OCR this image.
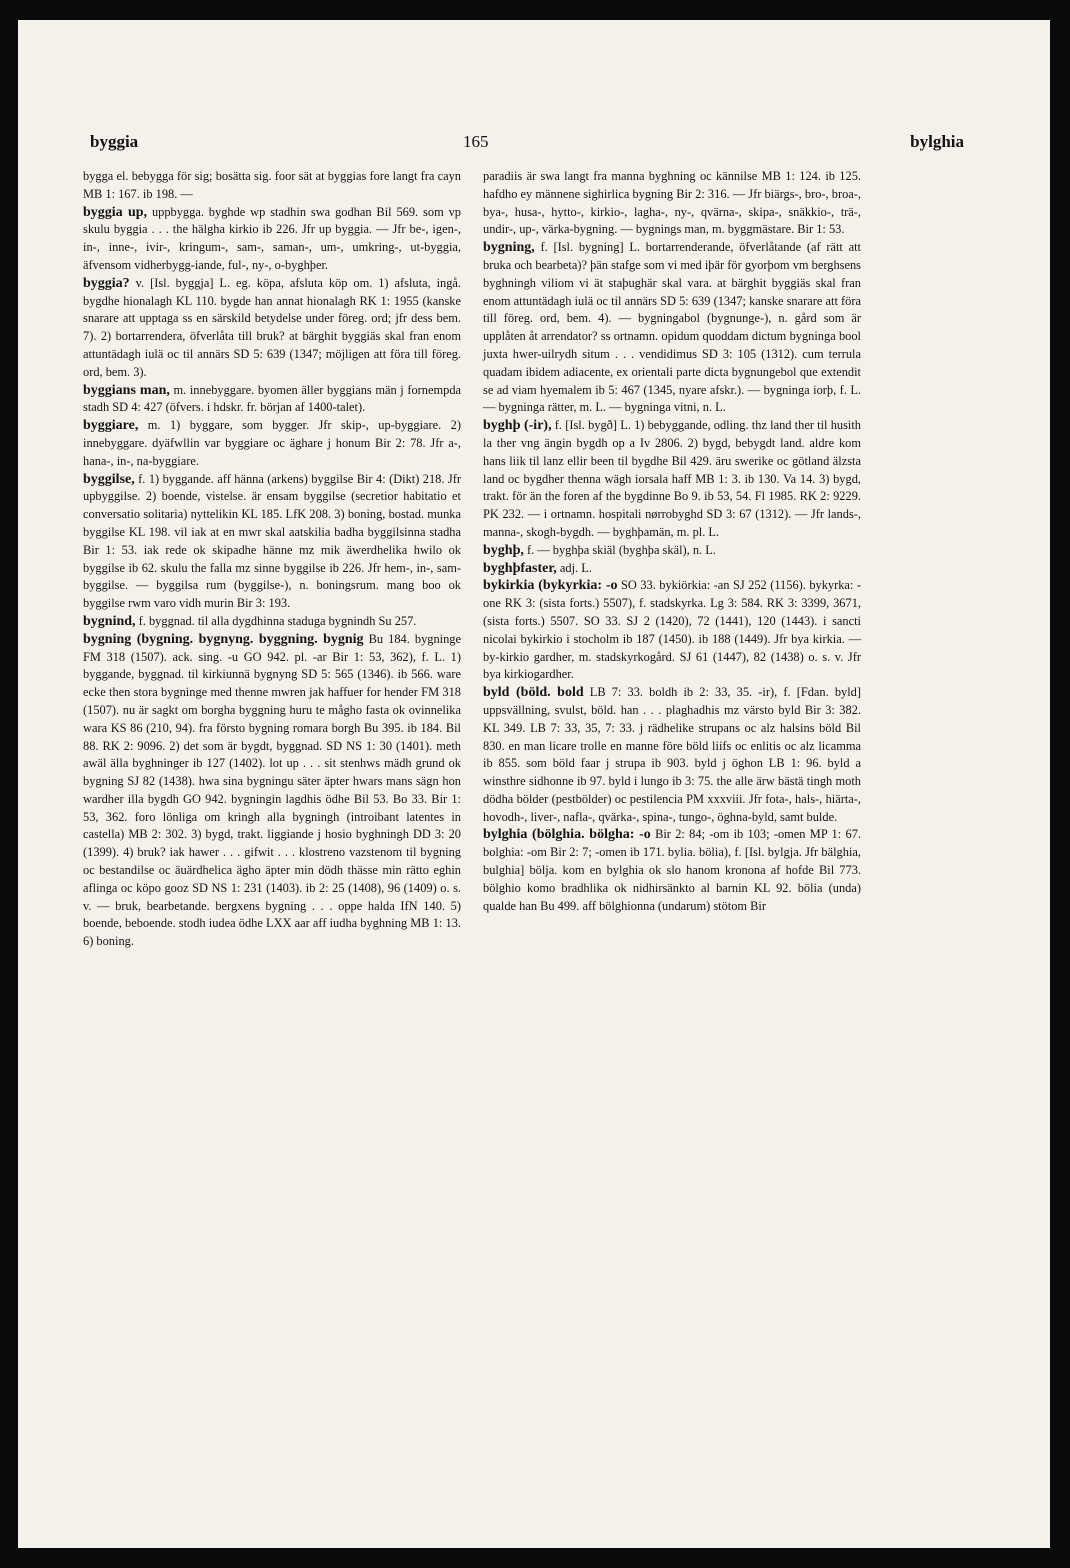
byggia	165	bylghia

bygga el. bebygga för sig; bosätta sig. foor sät at byggias fore langt fra cayn MB 1: 167. ib 198. —

byggia up, uppbygga. byghde wp stadhin swa godhan Bil 569. som vp skulu byggia . . . the hälgha kirkio ib 226. Jfr up byggia. — Jfr be-, igen-, in-, inne-, ivir-, kringum-, sam-, saman-, um-, umkring-, ut-byggia, äfvensom vidherbygg-iande, ful-, ny-, o-byghþer.

byggia? v. [Isl. byggja] L. eg. köpa, afsluta köp om. 1) afsluta, ingå. bygdhe hionalagh KL 110. bygde han annat hionalagh RK 1: 1955 (kanske snarare att upptaga ss en särskild betydelse under föreg. ord; jfr dess bem. 7). 2) bortarrendera, öfverlåta till bruk? at bärghit byggiäs skal fran enom attuntädagh iulä oc til annärs SD 5: 639 (1347; möjligen att föra till föreg. ord, bem. 3).

byggians man, m. innebyggare. byomen äller byggians män j fornempda stadh SD 4: 427 (öfvers. i hdskr. fr. början af 1400-talet).

byggiare, m. 1) byggare, som bygger. Jfr skip-, up-byggiare. 2) innebyggare. dyäfwllin var byggiare oc äghare j honum Bir 2: 78. Jfr a-, hana-, in-, na-byggiare.

byggilse, f. 1) byggande. aff hänna (arkens) byggilse Bir 4: (Dikt) 218. Jfr upbyggilse. 2) boende, vistelse. är ensam byggilse (secretior habitatio et conversatio solitaria) nyttelikin KL 185. LfK 208. 3) boning, bostad. munka byggilse KL 198. vil iak at en mwr skal aatskilia badha byggilsinna stadha Bir 1: 53. iak rede ok skipadhe hänne mz mik äwerdhelika hwilo ok byggilse ib 62. skulu the falla mz sinne byggilse ib 226. Jfr hem-, in-, sam-byggilse. — byggilsa rum (byggilse-), n. boningsrum. mang boo ok byggilse rwm varo vidh murin Bir 3: 193.

bygnind, f. byggnad. til alla dygdhinna staduga bygnindh Su 257.

bygning (bygning. bygnyng. byggning. bygnig Bu 184. bygninge FM 318 (1507). ack. sing. -u GO 942. pl. -ar Bir 1: 53, 362), f. L. 1) byggande, byggnad. til kirkiunnä bygnyng SD 5: 565 (1346). ib 566. ware ecke then stora bygninge med thenne mwren jak haffuer for hender FM 318 (1507). nu är sagkt om borgha byggning huru te mågho fasta ok ovinnelika wara KS 86 (210, 94). fra försto bygning romara borgh Bu 395. ib 184. Bil 88. RK 2: 9096. 2) det som är bygdt, byggnad. SD NS 1: 30 (1401). meth awäl älla byghninger ib 127 (1402). lot up . . . sit stenhws mädh grund ok bygning SJ 82 (1438). hwa sina bygningu säter äpter hwars mans sägn hon wardher illa bygdh GO 942. bygningin lagdhis ödhe Bil 53. Bo 33. Bir 1: 53, 362. foro lönliga om kringh alla bygningh (introibant latentes in castella) MB 2: 302. 3) bygd, trakt. liggiande j hosio byghningh DD 3: 20 (1399). 4) bruk? iak hawer . . . gifwit . . . klostreno vazstenom til bygning oc bestandilse oc äuärdhelica ägho äpter min dödh thässe min rätto eghin aflinga oc köpo gooz SD NS 1: 231 (1403). ib 2: 25 (1408), 96 (1409) o. s. v. — bruk, bearbetande. bergxens bygning . . . oppe halda IfN 140. 5) boende, beboende. stodh iudea ödhe LXX aar aff iudha byghning MB 1: 13. 6) boning.

paradiis är swa langt fra manna byghning oc kännilse MB 1: 124. ib 125. hafdho ey männene sighirlica bygning Bir 2: 316. — Jfr biärgs-, bro-, broa-, bya-, husa-, hytto-, kirkio-, lagha-, ny-, qvärna-, skipa-, snäkkio-, trä-, undir-, up-, värka-bygning. — bygnings man, m. byggmästare. Bir 1: 53.

bygning, f. [Isl. bygning] L. bortarrenderande, öfverlåtande (af rätt att bruka och bearbeta)? þän stafge som vi med iþär för gyorþom vm berghsens byghningh viliom vi ät staþughär skal vara. at bärghit byggiäs skal fran enom attuntädagh iulä oc til annärs SD 5: 639 (1347; kanske snarare att föra till föreg. ord, bem. 4). — bygningabol (bygnunge-), n. gård som är upplåten åt arrendator? ss ortnamn. opidum quoddam dictum bygninga bool juxta hwer-uilrydh situm . . . vendidimus SD 3: 105 (1312). cum terrula quadam ibidem adiacente, ex orientali parte dicta bygnungebol que extendit se ad viam hyemalem ib 5: 467 (1345, nyare afskr.). — bygninga iorþ, f. L. — bygninga rätter, m. L. — bygninga vitni, n. L.

byghþ (-ir), f. [Isl. bygð] L. 1) bebyggande, odling. thz land ther til husith la ther vng ängin bygdh op a Iv 2806. 2) bygd, bebygdt land. aldre kom hans liik til lanz ellir been til bygdhe Bil 429. äru swerike oc götland älzsta land oc bygdher thenna wägh iorsala haff MB 1: 3. ib 130. Va 14. 3) bygd, trakt. för än the foren af the bygdinne Bo 9. ib 53, 54. Fl 1985. RK 2: 9229. PK 232. — i ortnamn. hospitali nørrobyghd SD 3: 67 (1312). — Jfr lands-, manna-, skogh-bygdh. — byghþamän, m. pl. L.

byghþ, f. — byghþa skiäl (byghþa skäl), n. L.

byghþfaster, adj. L.

bykirkia (bykyrkia: -o SO 33. bykiörkia: -an SJ 252 (1156). bykyrka: -one RK 3: (sista forts.) 5507), f. stadskyrka. Lg 3: 584. RK 3: 3399, 3671, (sista forts.) 5507. SO 33. SJ 2 (1420), 72 (1441), 120 (1443). i sancti nicolai bykirkio i stocholm ib 187 (1450). ib 188 (1449). Jfr bya kirkia. — by-kirkio gardher, m. stadskyrkogård. SJ 61 (1447), 82 (1438) o. s. v. Jfr bya kirkiogardher.

byld (böld. bold LB 7: 33. boldh ib 2: 33, 35. -ir), f. [Fdan. byld] uppsvällning, svulst, böld. han . . . plaghadhis mz värsto byld Bir 3: 382. KL 349. LB 7: 33, 35, 7: 33. j rädhelike strupans oc alz halsins böld Bil 830. en man licare trolle en manne före böld liifs oc enlitis oc alz licamma ib 855. som böld faar j strupa ib 903. byld j öghon LB 1: 96. byld a winsthre sidhonne ib 97. byld i lungo ib 3: 75. the alle ärw bästä tingh moth dödha bölder (pestbölder) oc pestilencia PM xxxviii. Jfr fota-, hals-, hiärta-, hovodh-, liver-, nafla-, qvärka-, spina-, tungo-, öghna-byld, samt bulde.

bylghia (bölghia. bölgha: -o Bir 2: 84; -om ib 103; -omen MP 1: 67. bolghia: -om Bir 2: 7; -omen ib 171. bylia. bölia), f. [Isl. bylgja. Jfr bälghia, bulghia] bölja. kom en bylghia ok slo hanom kronona af hofde Bil 773. bölghio komo bradhlika ok nidhirsänkto al barnin KL 92. bölia (unda) qualde han Bu 499. aff bölghionna (undarum) stötom Bir
